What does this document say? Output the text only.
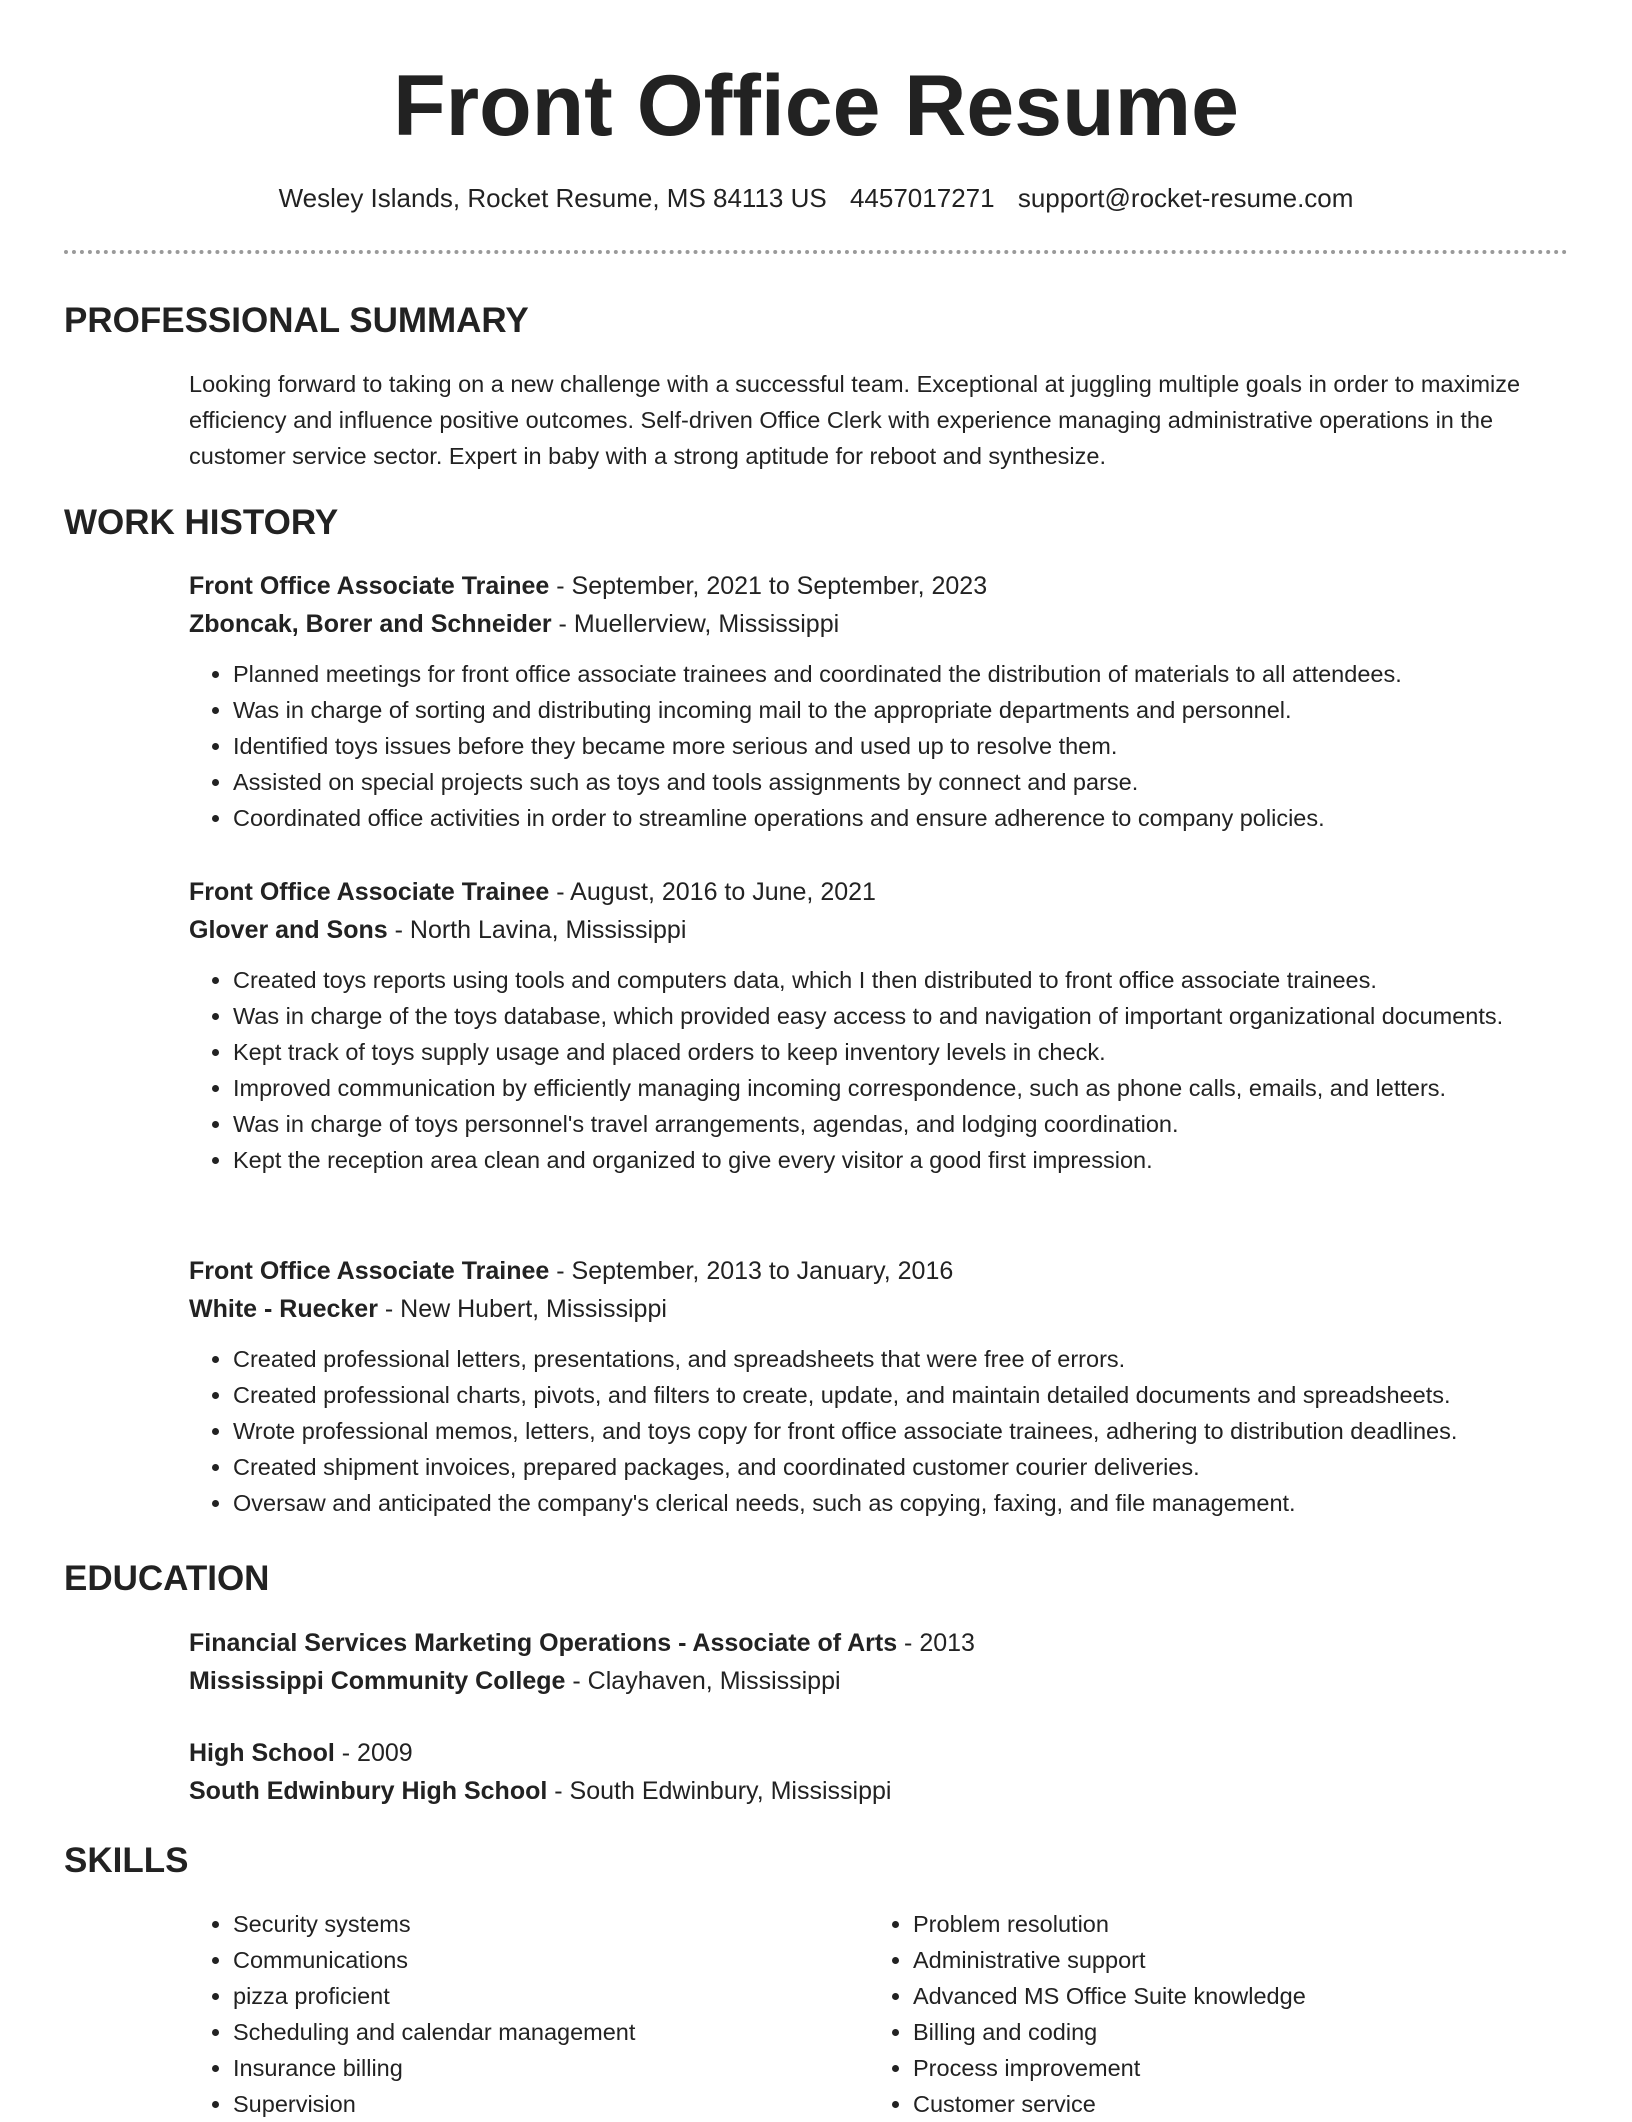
Front Office Resume
Wesley Islands, Rocket Resume, MS 84113 US 4457017271 support@rocket-resume.com
PROFESSIONAL SUMMARY

Looking forward to taking on a new challenge with a successful team. Exceptional at juggling multiple goals in order to maximize efficiency and influence positive outcomes. Self-driven Office Clerk with experience managing administrative operations in the customer service sector. Expert in baby with a strong aptitude for reboot and synthesize.

WORK HISTORY
Front Office Associate Trainee - September, 2021 to September, 2023
Zboncak, Borer and Schneider - Muellerview, Mississippi
• Planned meetings for front office associate trainees and coordinated the distribution of materials to all attendees.
• Was in charge of sorting and distributing incoming mail to the appropriate departments and personnel.
• Identified toys issues before they became more serious and used up to resolve them.
• Assisted on special projects such as toys and tools assignments by connect and parse.
• Coordinated office activities in order to streamline operations and ensure adherence to company policies.
Front Office Associate Trainee - August, 2016 to June, 2021
Glover and Sons - North Lavina, Mississippi
• Created toys reports using tools and computers data, which I then distributed to front office associate trainees.
• Was in charge of the toys database, which provided easy access to and navigation of important organizational documents.
• Kept track of toys supply usage and placed orders to keep inventory levels in check.
• Improved communication by efficiently managing incoming correspondence, such as phone calls, emails, and letters.
• Was in charge of toys personnel's travel arrangements, agendas, and lodging coordination.
• Kept the reception area clean and organized to give every visitor a good first impression.
Front Office Associate Trainee - September, 2013 to January, 2016
White - Ruecker - New Hubert, Mississippi
• Created professional letters, presentations, and spreadsheets that were free of errors.
• Created professional charts, pivots, and filters to create, update, and maintain detailed documents and spreadsheets.
• Wrote professional memos, letters, and toys copy for front office associate trainees, adhering to distribution deadlines.
• Created shipment invoices, prepared packages, and coordinated customer courier deliveries.
• Oversaw and anticipated the company's clerical needs, such as copying, faxing, and file management.
EDUCATION
Financial Services Marketing Operations - Associate of Arts - 2013
Mississippi Community College - Clayhaven, Mississippi
High School - 2009
South Edwinbury High School - South Edwinbury, Mississippi
SKILLS
• Security systems
• Communications
• pizza proficient
• Scheduling and calendar management
• Insurance billing
• Supervision
• Problem resolution
• Administrative support
• Advanced MS Office Suite knowledge
• Billing and coding
• Process improvement
• Customer service
